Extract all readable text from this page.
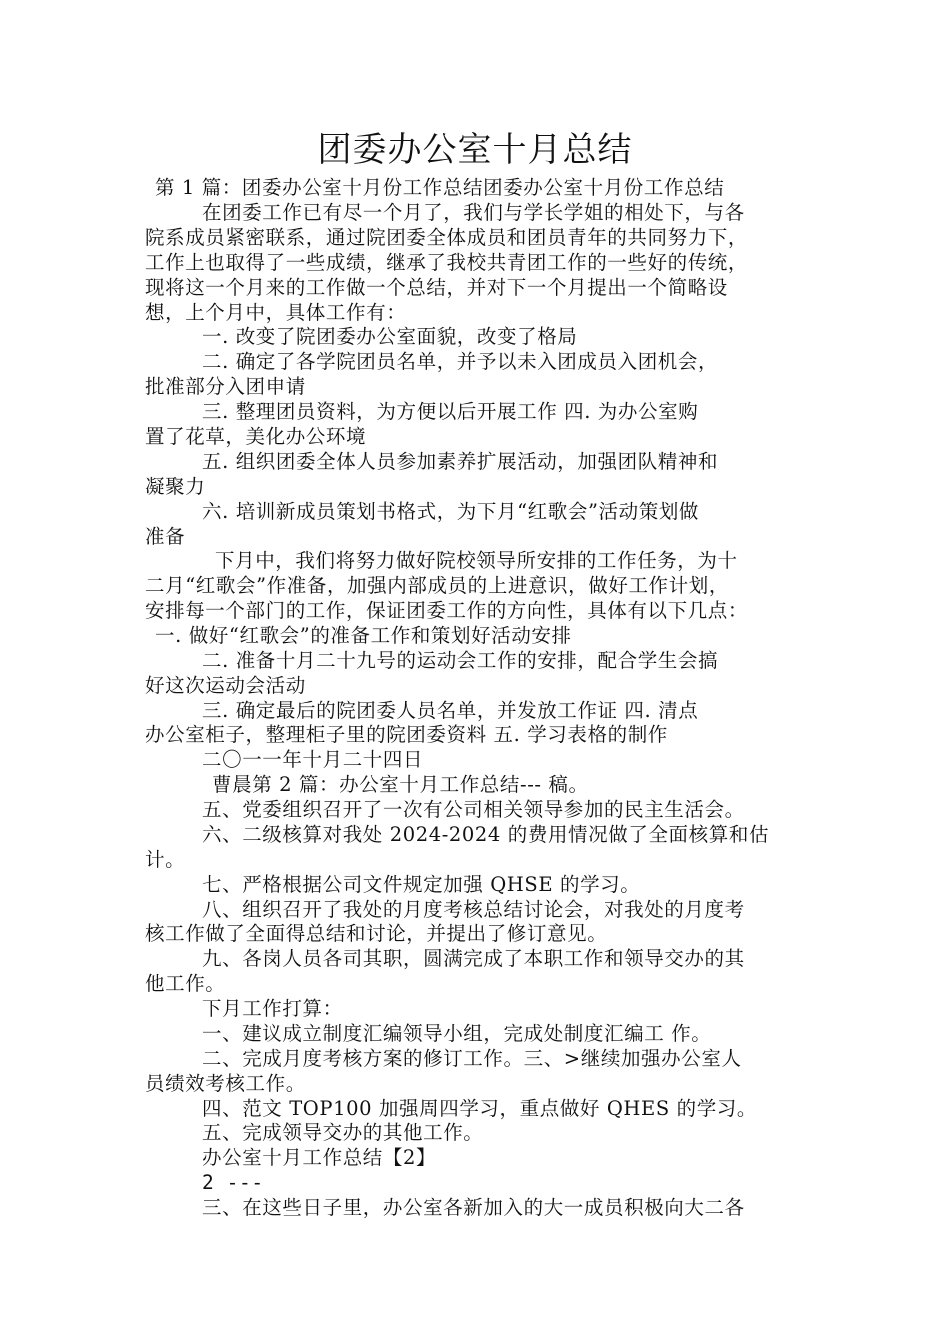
团委办公室十月总结
第 1 篇：团委办公室十月份工作总结团委办公室十月份工作总结
在团委工作已有尽一个月了，我们与学长学姐的相处下，与各
院系成员紧密联系，通过院团委全体成员和团员青年的共同努力下，
工作上也取得了一些成绩，继承了我校共青团工作的一些好的传统，
现将这一个月来的工作做一个总结，并对下一个月提出一个简略设
想，上个月中，具体工作有：
一. 改变了院团委办公室面貌，改变了格局
二. 确定了各学院团员名单，并予以未入团成员入团机会，
批准部分入团申请
三. 整理团员资料，为方便以后开展工作 四. 为办公室购
置了花草，美化办公环境
五. 组织团委全体人员参加素养扩展活动，加强团队精神和
凝聚力
六. 培训新成员策划书格式，为下月“红歌会”活动策划做
准备
下月中，我们将努力做好院校领导所安排的工作任务，为十
二月“红歌会”作准备，加强内部成员的上进意识，做好工作计划，
安排每一个部门的工作，保证团委工作的方向性，具体有以下几点：
一. 做好“红歌会”的准备工作和策划好活动安排
二. 准备十月二十九号的运动会工作的安排，配合学生会搞
好这次运动会活动
三. 确定最后的院团委人员名单，并发放工作证 四. 清点
办公室柜子，整理柜子里的院团委资料 五. 学习表格的制作
二〇一一年十月二十四日
曹晨第 2 篇：办公室十月工作总结--- 稿。
五、党委组织召开了一次有公司相关领导参加的民主生活会。
六、二级核算对我处 2024-2024 的费用情况做了全面核算和估
计。
七、严格根据公司文件规定加强 QHSE 的学习。
八、组织召开了我处的月度考核总结讨论会，对我处的月度考
核工作做了全面得总结和讨论，并提出了修订意见。
九、各岗人员各司其职，圆满完成了本职工作和领导交办的其
他工作。
下月工作打算：
一、建议成立制度汇编领导小组，完成处制度汇编工 作。
二、完成月度考核方案的修订工作。三、>继续加强办公室人
员绩效考核工作。
四、范文 TOP100 加强周四学习，重点做好 QHES 的学习。
五、完成领导交办的其他工作。
办公室十月工作总结【2】
2 ---
三、在这些日子里，办公室各新加入的大一成员积极向大二各
